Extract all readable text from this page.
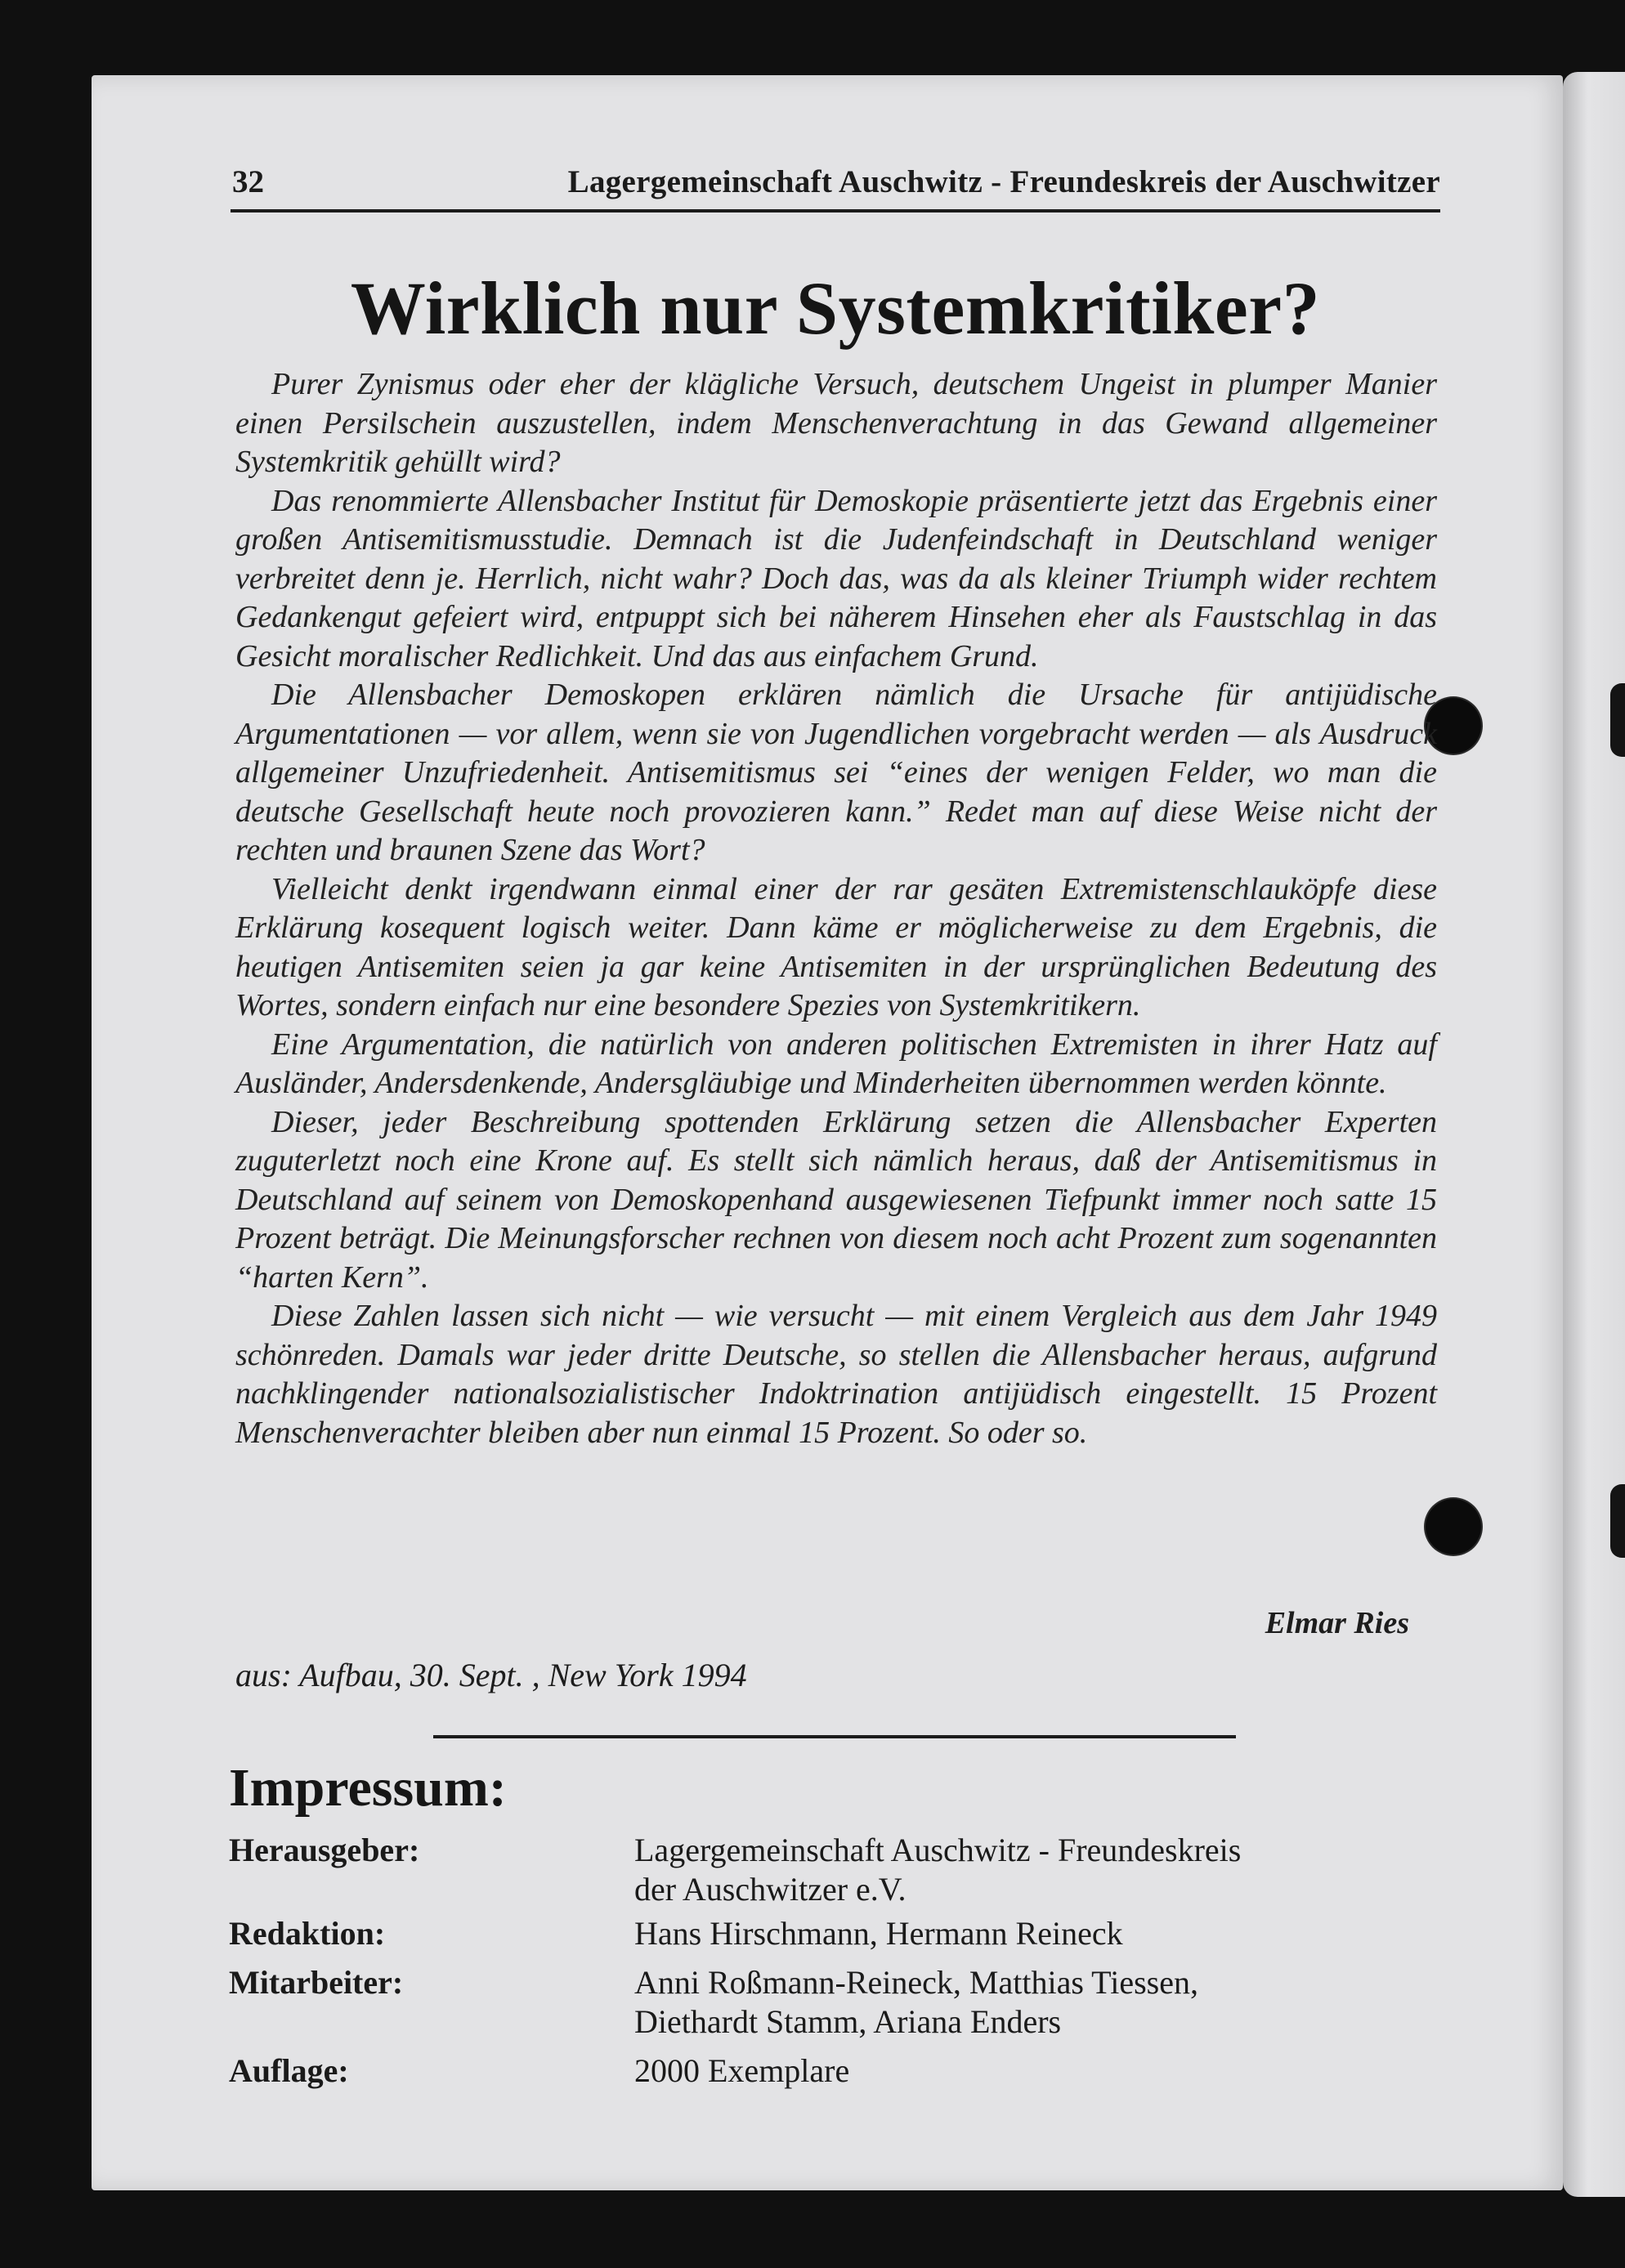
32	Lagergemeinschaft Auschwitz - Freundeskreis der Auschwitzer
Wirklich nur Systemkritiker?

Purer Zynismus oder eher der klägliche Versuch, deutschem Ungeist in plumper Manier einen Persilschein auszustellen, indem Menschenverachtung in das Gewand allgemeiner Systemkritik gehüllt wird?

Das renommierte Allensbacher Institut für Demoskopie präsentierte jetzt das Ergebnis einer großen Antisemitismusstudie. Demnach ist die Judenfeindschaft in Deutschland weniger verbreitet denn je. Herrlich, nicht wahr? Doch das, was da als kleiner Triumph wider rechtem Gedankengut gefeiert wird, entpuppt sich bei näherem Hinsehen eher als Faustschlag in das Gesicht moralischer Redlichkeit. Und das aus einfachem Grund.

Die Allensbacher Demoskopen erklären nämlich die Ursache für antijüdische Argumentationen — vor allem, wenn sie von Jugendlichen vorgebracht werden — als Ausdruck allgemeiner Unzufriedenheit. Antisemitismus sei “eines der wenigen Felder, wo man die deutsche Gesellschaft heute noch provozieren kann.” Redet man auf diese Weise nicht der rechten und braunen Szene das Wort?

Vielleicht denkt irgendwann einmal einer der rar gesäten Extremistenschlauköpfe diese Erklärung kosequent logisch weiter. Dann käme er möglicherweise zu dem Ergebnis, die heutigen Antisemiten seien ja gar keine Antisemiten in der ursprünglichen Bedeutung des Wortes, sondern einfach nur eine besondere Spezies von Systemkritikern.

Eine Argumentation, die natürlich von anderen politischen Extremisten in ihrer Hatz auf Ausländer, Andersdenkende, Andersgläubige und Minderheiten übernommen werden könnte.

Dieser, jeder Beschreibung spottenden Erklärung setzen die Allensbacher Experten zuguterletzt noch eine Krone auf. Es stellt sich nämlich heraus, daß der Antisemitismus in Deutschland auf seinem von Demoskopenhand ausgewiesenen Tiefpunkt immer noch satte 15 Prozent beträgt. Die Meinungsforscher rechnen von diesem noch acht Prozent zum sogenannten “harten Kern”.

Diese Zahlen lassen sich nicht — wie versucht — mit einem Vergleich aus dem Jahr 1949 schönreden. Damals war jeder dritte Deutsche, so stellen die Allensbacher heraus, aufgrund nachklingender nationalsozialistischer Indoktrination antijüdisch eingestellt. 15 Prozent Menschenverachter bleiben aber nun einmal 15 Prozent. So oder so.

Elmar Ries
aus: Aufbau, 30. Sept. , New York 1994
Impressum:
Herausgeber:	Lagergemeinschaft Auschwitz - Freundeskreis
der Auschwitzer e.V.
Redaktion:	Hans Hirschmann, Hermann Reineck
Mitarbeiter:	Anni Roßmann-Reineck, Matthias Tiessen,
Diethardt Stamm, Ariana Enders
Auflage:	2000 Exemplare
